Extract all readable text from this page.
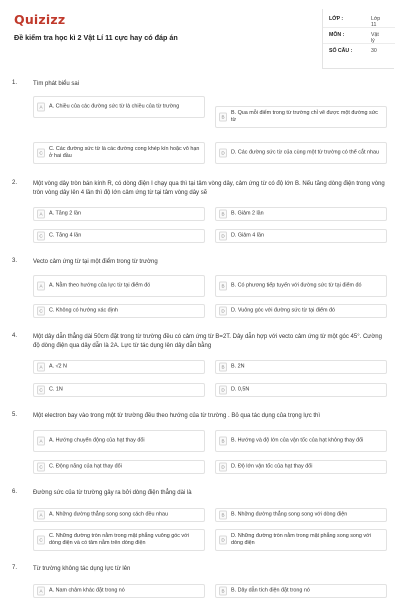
Quizizz
Đề kiểm tra học kì 2 Vật Lí 11 cực hay có đáp án
LỚP :	Lớp 11
MÔN :	Vật lý
SỐ CÂU :	30
1.	Tìm phát biểu sai
A	A. Chiều của các đường sức từ là chiều của từ trường
B
B. Qua mỗi điểm trong từ trường chỉ vẽ được một đường sức từ
C
C. Các đường sức từ là các đường cong khép kín hoặc vô hạn ở hai đầu	D	D. Các đường sức từ của cùng một từ trường có thể cắt nhau
2.	Một vòng dây tròn bán kính R, có dòng điện I chạy qua thì tại tâm vòng dây, cảm ứng từ có độ lớn B. Nếu tăng dòng điện trong vòng tròn vòng dây lên 4 lần thì độ lớn cảm ứng từ tại tâm vòng dây sẽ
A	A. Tăng 2 lần	B	B. Giảm 2 lần
C	C. Tăng 4 lần	D	D. Giảm 4 lần
3.	Vecto cảm ứng từ tại một điểm trong từ trường
A	A. Nằm theo hướng của lực từ tại điểm đó	B	B. Có phương tiếp tuyến với đường sức từ tại điểm đó
C	C. Không có hướng xác định	D	D. Vuông góc với đường sức từ tại điểm đó
4.	Một dây dẫn thẳng dài 50cm đặt trong từ trường đều có cảm ứng từ B=2T. Dây dẫn hợp với vecto cảm ứng từ một góc 45°. Cường độ dòng điện qua dây dẫn là 2A. Lực từ tác dụng lên dây dẫn bằng
A	A. √2 N	B	B. 2N
C	C. 1N	D	D. 0,5N
5.	Một electron bay vào trong một từ trường đều theo hướng của từ trường . Bỏ qua tác dụng của trọng lực thì
A	A. Hướng chuyển động của hạt thay đổi	B	B. Hướng và độ lớn của vận tốc của hạt không thay đổi
C	C. Động năng của hạt thay đổi	D	D. Độ lớn vận tốc của hạt thay đổi
6.	Đường sức của từ trường gây ra bởi dòng điện thẳng dài là
A	A. Những đường thẳng song song cách đều nhau	B	B. Những đường thẳng song song với dòng điện
C
C. Những đường tròn nằm trong mặt phẳng vuông góc với dòng điện và có tâm nằm trên dòng điện	D
D. Những đường tròn nằm trong mặt phẳng song song với dòng điện
7.	Từ trường không tác dụng lực từ lên
A	A. Nam châm khác đặt trong nó	B	B. Dây dẫn tích điện đặt trong nó
